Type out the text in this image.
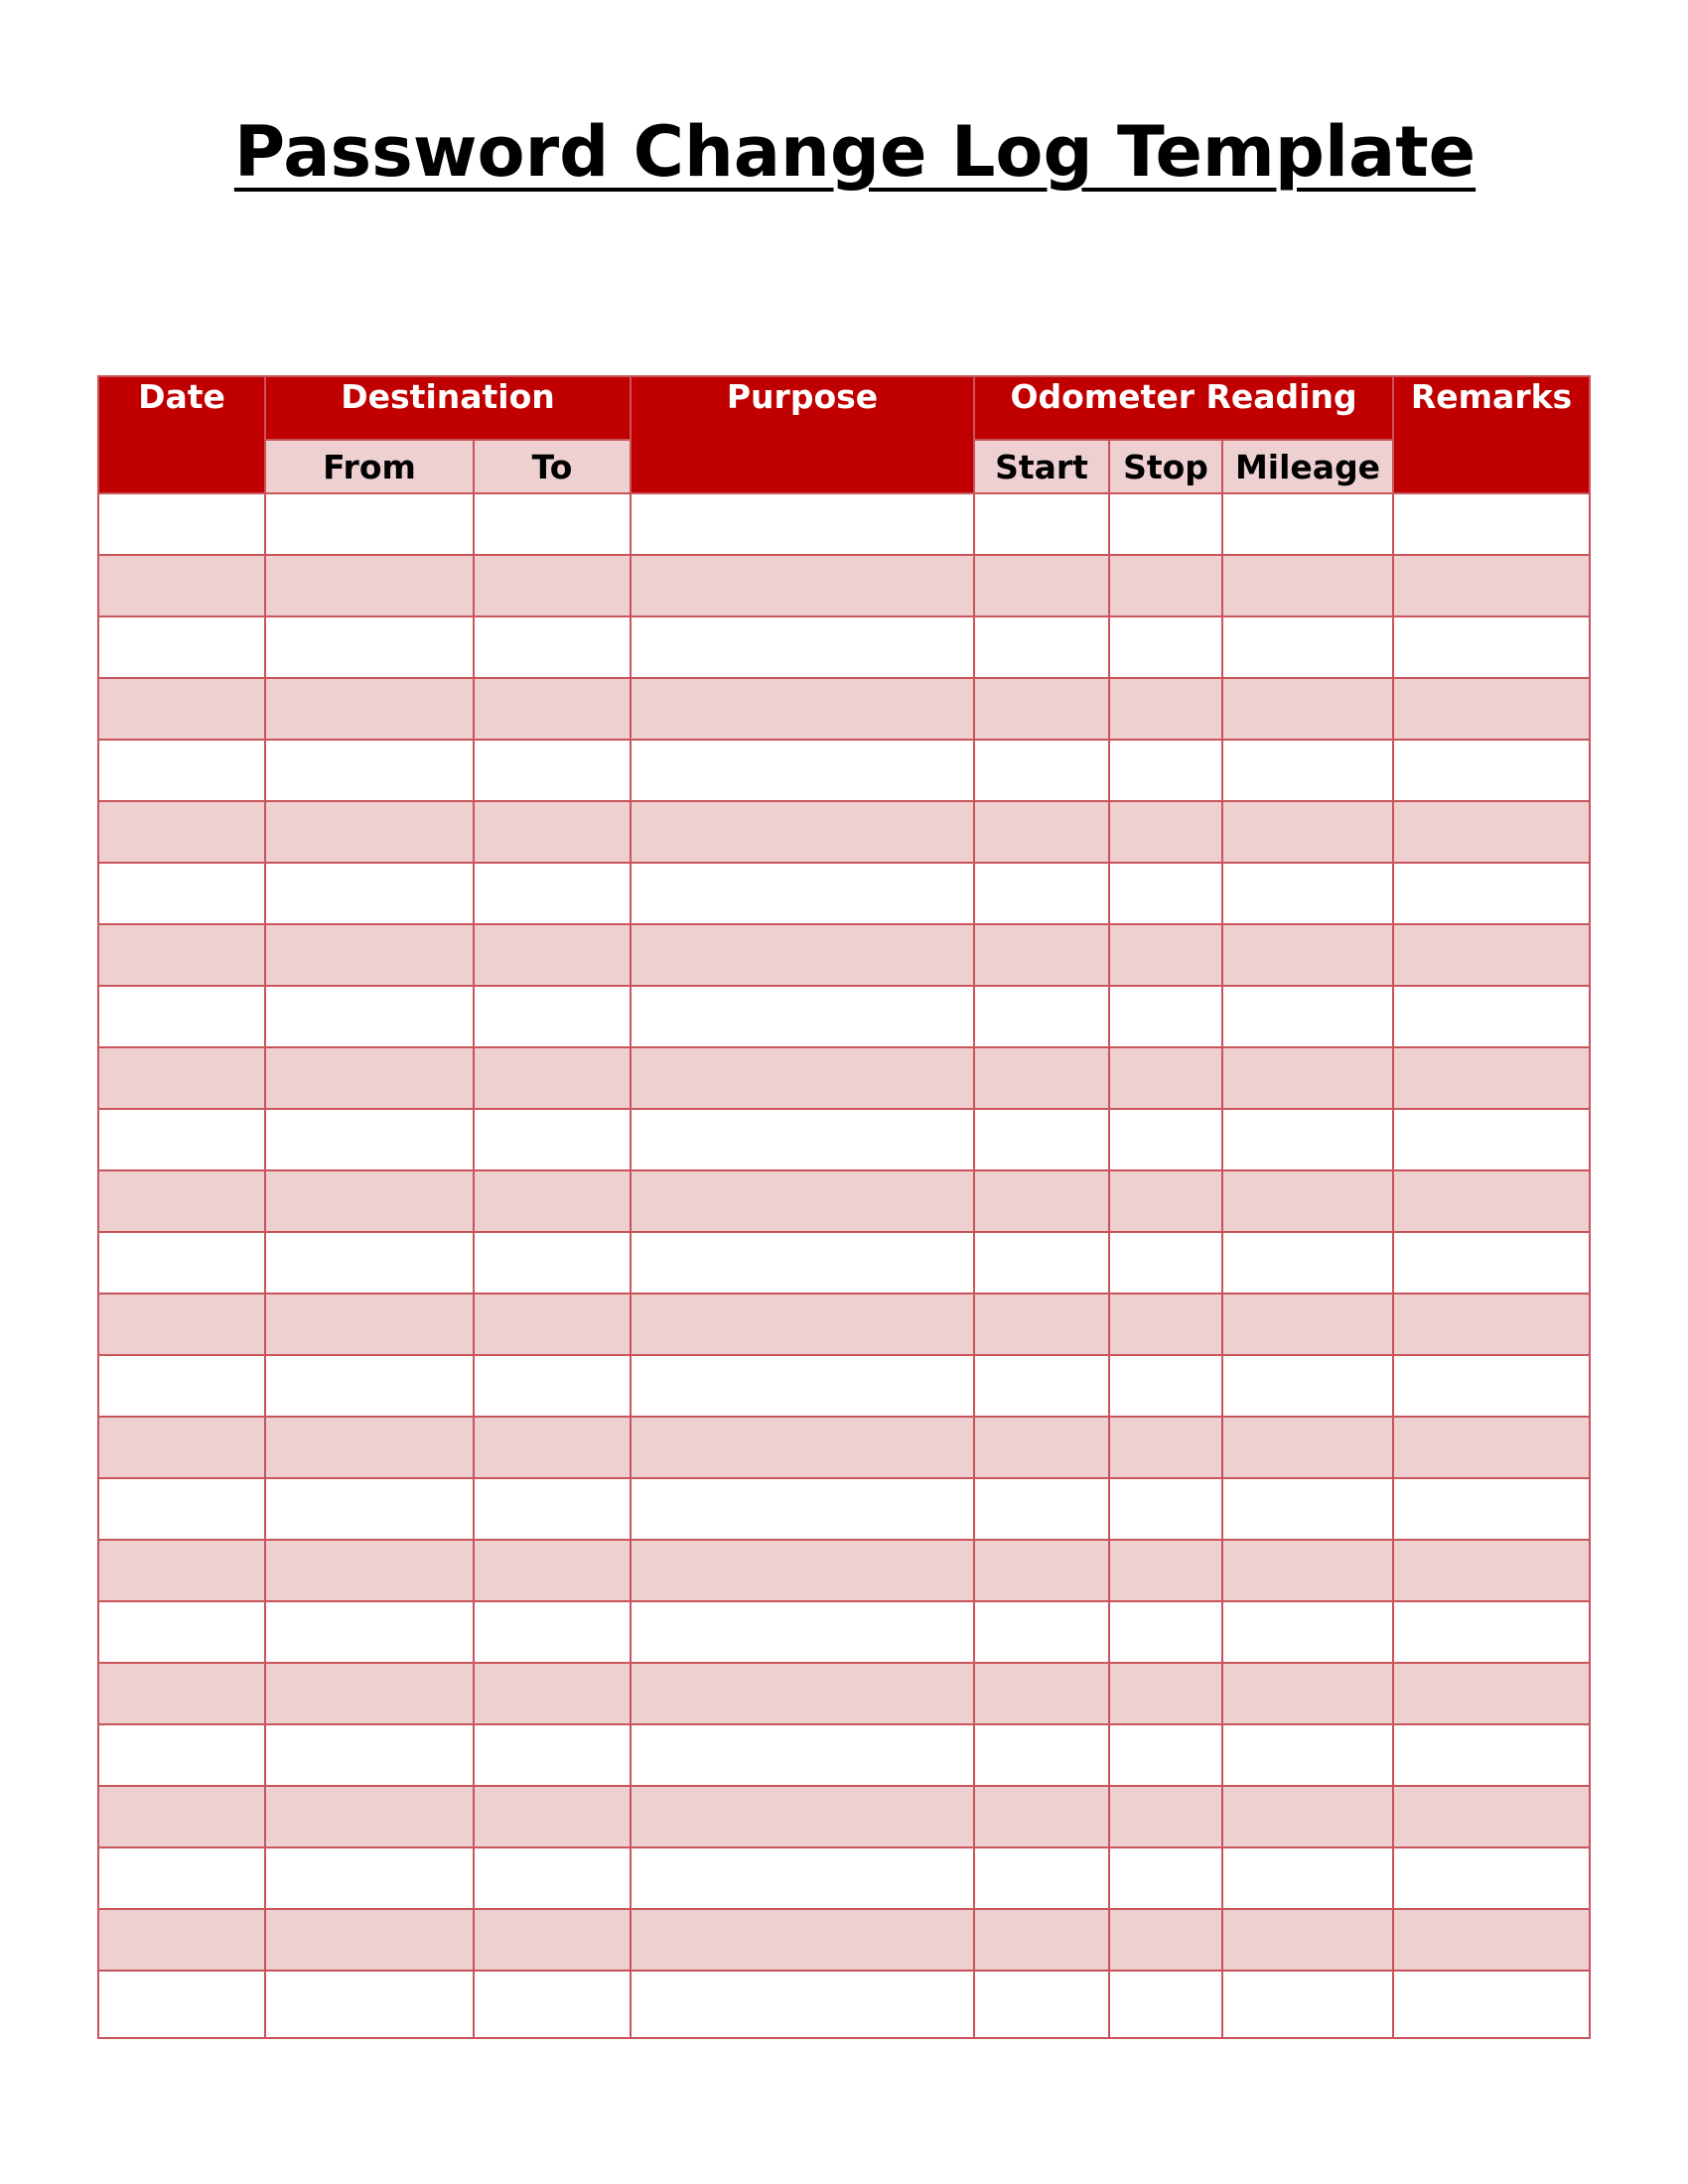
Password Change Log Template
Date	Destination		Purpose	Odometer Reading			Remarks
	From	To		Start	Stop	Mileage	
